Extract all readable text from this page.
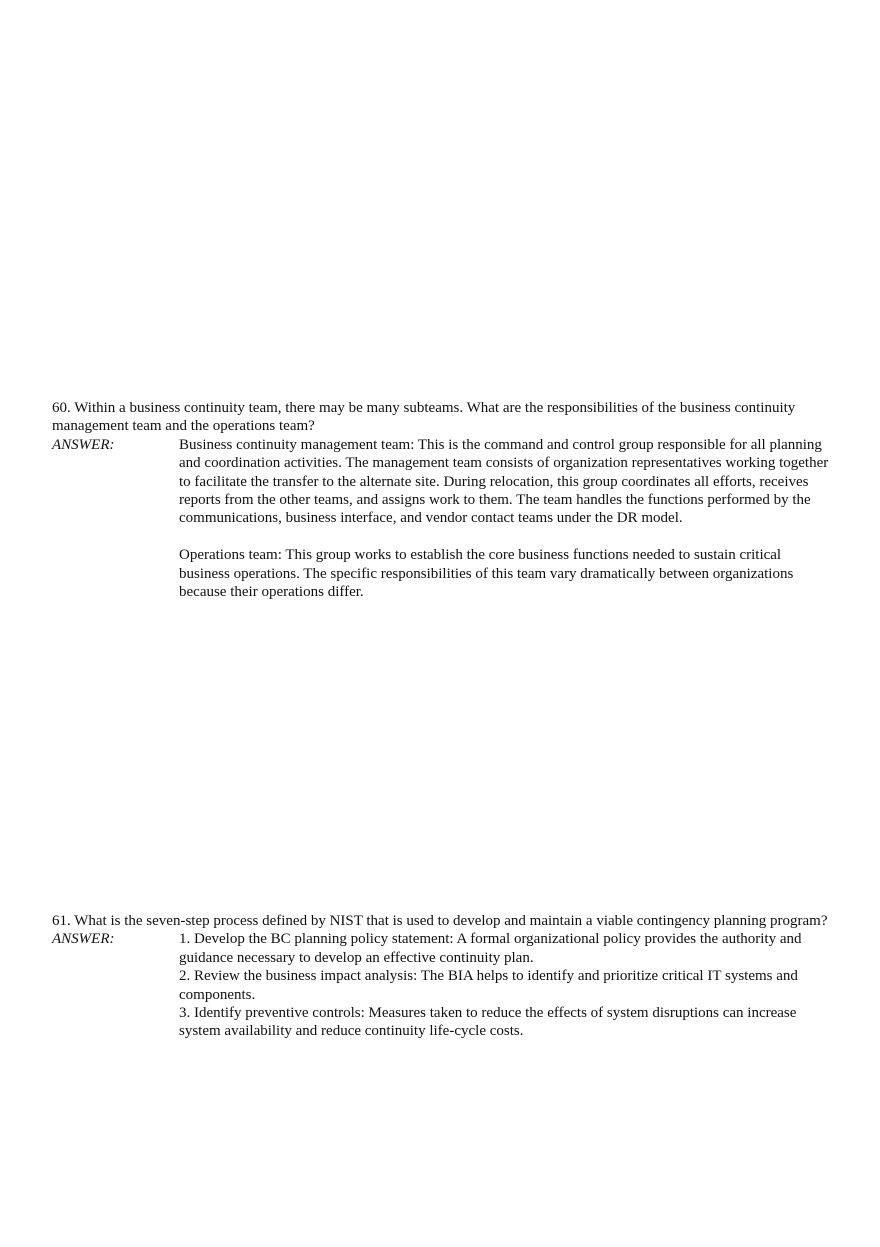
60. Within a business continuity team, there may be many subteams. What are the responsibilities of the business continuity management team and the operations team?

ANSWER:	Business continuity management team: This is the command and control group responsible for all planning and coordination activities. The management team consists of organization representatives working together to facilitate the transfer to the alternate site. During relocation, this group coordinates all efforts, receives reports from the other teams, and assigns work to them. The team handles the functions performed by the communications, business interface, and vendor contact teams under the DR model.

Operations team: This group works to establish the core business functions needed to sustain critical business operations. The specific responsibilities of this team vary dramatically between organizations because their operations differ.

61. What is the seven-step process defined by NIST that is used to develop and maintain a viable contingency planning program?

ANSWER:	1. Develop the BC planning policy statement: A formal organizational policy provides the authority and guidance necessary to develop an effective continuity plan.

2. Review the business impact analysis: The BIA helps to identify and prioritize critical IT systems and components.

3. Identify preventive controls: Measures taken to reduce the effects of system disruptions can increase system availability and reduce continuity life-cycle costs.
